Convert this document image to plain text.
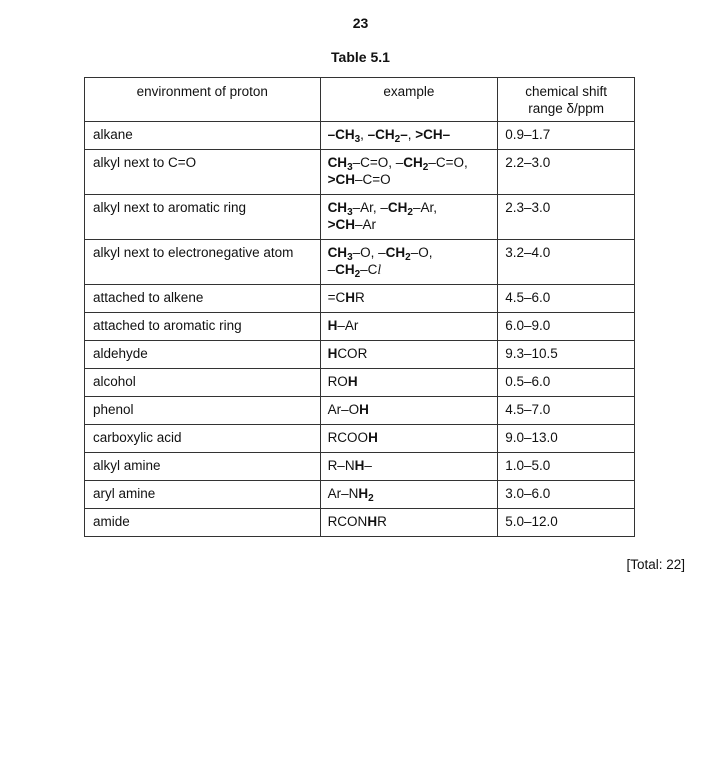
23
Table 5.1
environment of proton	example	chemical shift
range δ/ppm
alkane	$-CH_3$, $-CH_2-$, >CH–	0.9–1.7
alkyl next to C=O	$CH_3-C=O$, $-CH_2-C=O$,
>CH–C=O	2.2–3.0
alkyl next to aromatic ring	$CH_3-Ar$, $-CH_2-Ar$,
>CH–Ar	2.3–3.0
alkyl next to electronegative atom	$CH_3-O$, $-CH_2-O$,
$-CH_2-Cl$	3.2–4.0
attached to alkene	=CHR	4.5–6.0
attached to aromatic ring	H–Ar	6.0–9.0
aldehyde	HCOR	9.3–10.5
alcohol	ROH	0.5–6.0
phenol	Ar–OH	4.5–7.0
carboxylic acid	RCOOH	9.0–13.0
alkyl amine	R–NH–	1.0–5.0
aryl amine	$Ar-NH_2$	3.0–6.0
amide	RCONHR	5.0–12.0
[Total: 22]
